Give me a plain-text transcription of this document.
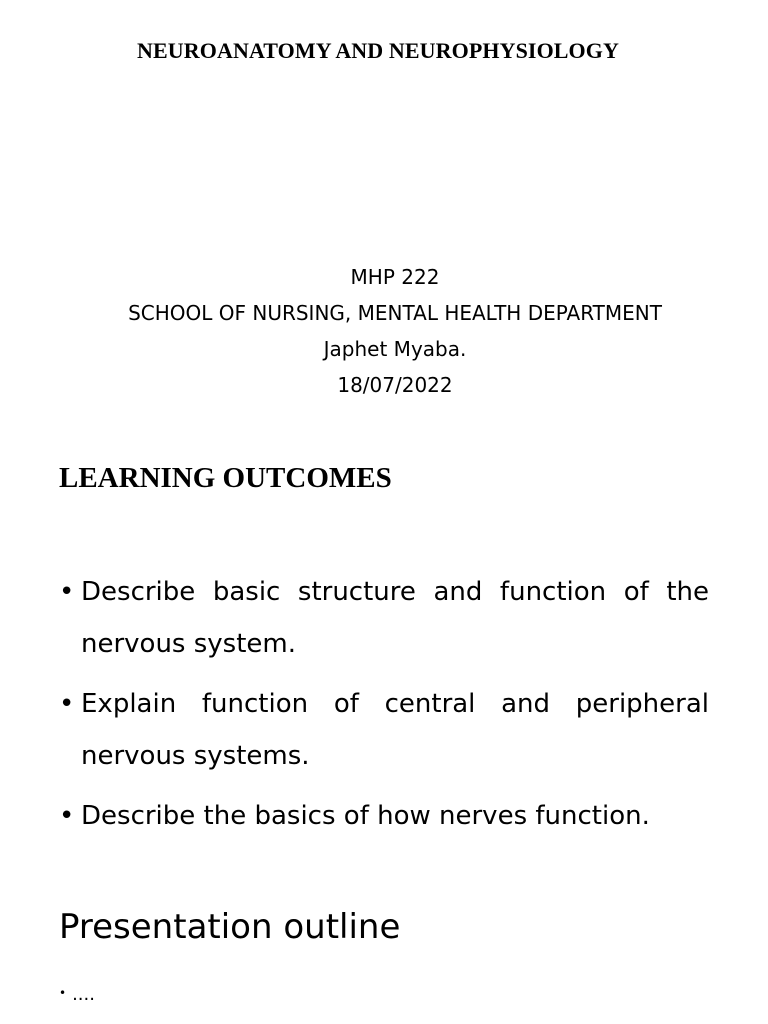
NEUROANATOMY AND NEUROPHYSIOLOGY
MHP 222
SCHOOL OF NURSING, MENTAL HEALTH DEPARTMENT
Japhet Myaba.
18/07/2022
LEARNING OUTCOMES
• Describe basic structure and function of the nervous system.
• Explain function of central and peripheral nervous systems.
• Describe the basics of how nerves function.
Presentation outline
• ....
